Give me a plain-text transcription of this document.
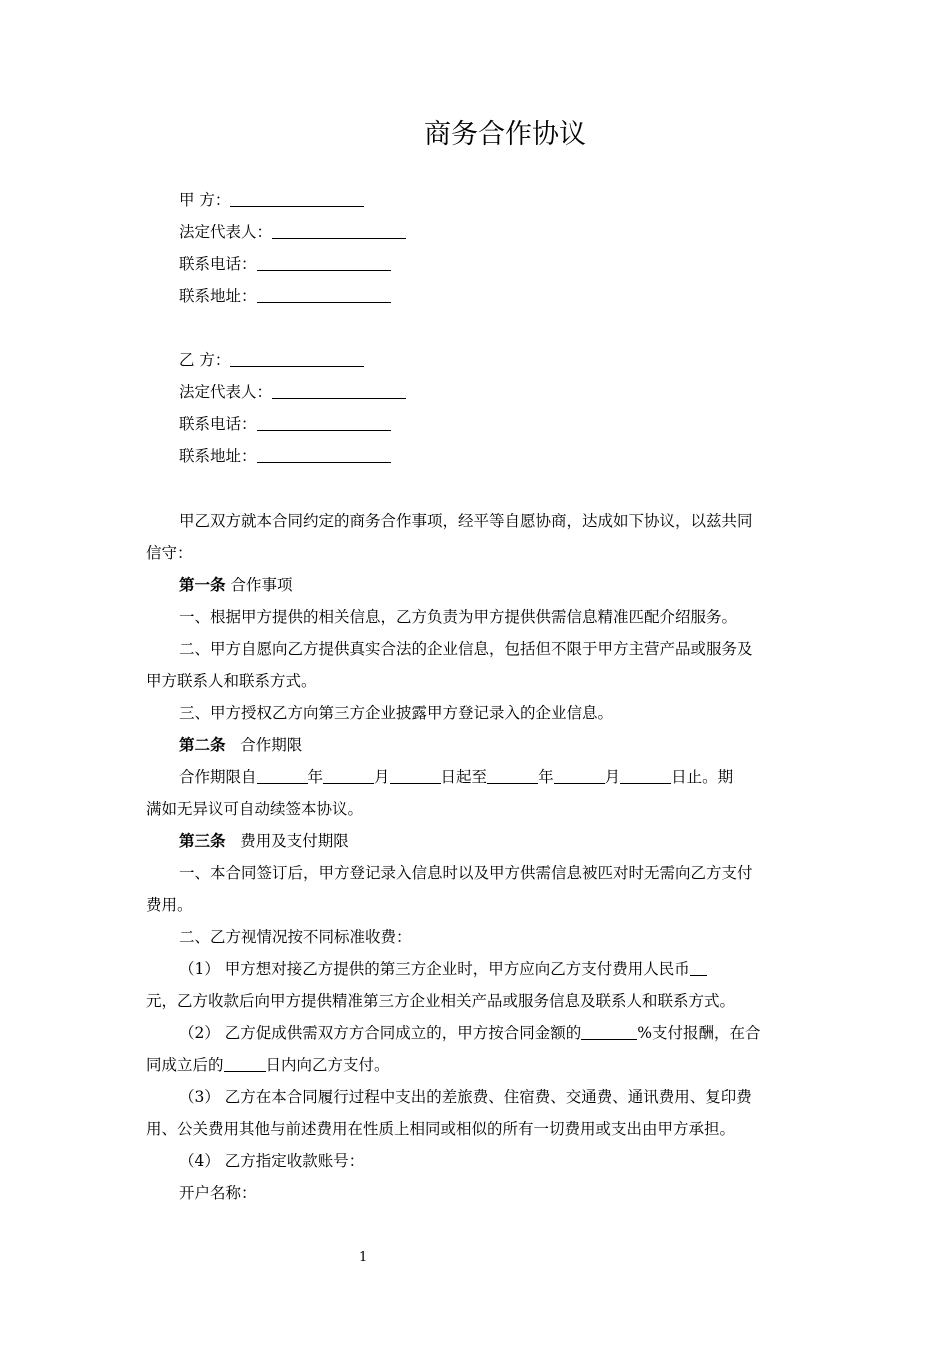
商务合作协议
甲 方：
法定代表人：
联系电话：
联系地址：
乙 方：
法定代表人：
联系电话：
联系地址：
甲乙双方就本合同约定的商务合作事项，经平等自愿协商，达成如下协议，以兹共同
信守：
第一条 合作事项
一、根据甲方提供的相关信息，乙方负责为甲方提供供需信息精准匹配介绍服务。
二、甲方自愿向乙方提供真实合法的企业信息，包括但不限于甲方主营产品或服务及
甲方联系人和联系方式。
三、甲方授权乙方向第三方企业披露甲方登记录入的企业信息。
第二条 合作期限
合作期限自	年	月	日起至	年	月	日止。期
满如无异议可自动续签本协议。
第三条 费用及支付期限
一、本合同签订后，甲方登记录入信息时以及甲方供需信息被匹对时无需向乙方支付
费用。
二、乙方视情况按不同标准收费：
（1） 甲方想对接乙方提供的第三方企业时，甲方应向乙方支付费用人民币
元，乙方收款后向甲方提供精准第三方企业相关产品或服务信息及联系人和联系方式。
（2） 乙方促成供需双方方合同成立的，甲方按合同金额的	%支付报酬，在合
同成立后的	日内向乙方支付。
（3） 乙方在本合同履行过程中支出的差旅费、住宿费、交通费、通讯费用、复印费
用、公关费用其他与前述费用在性质上相同或相似的所有一切费用或支出由甲方承担。
（4） 乙方指定收款账号：
开户名称：
1
